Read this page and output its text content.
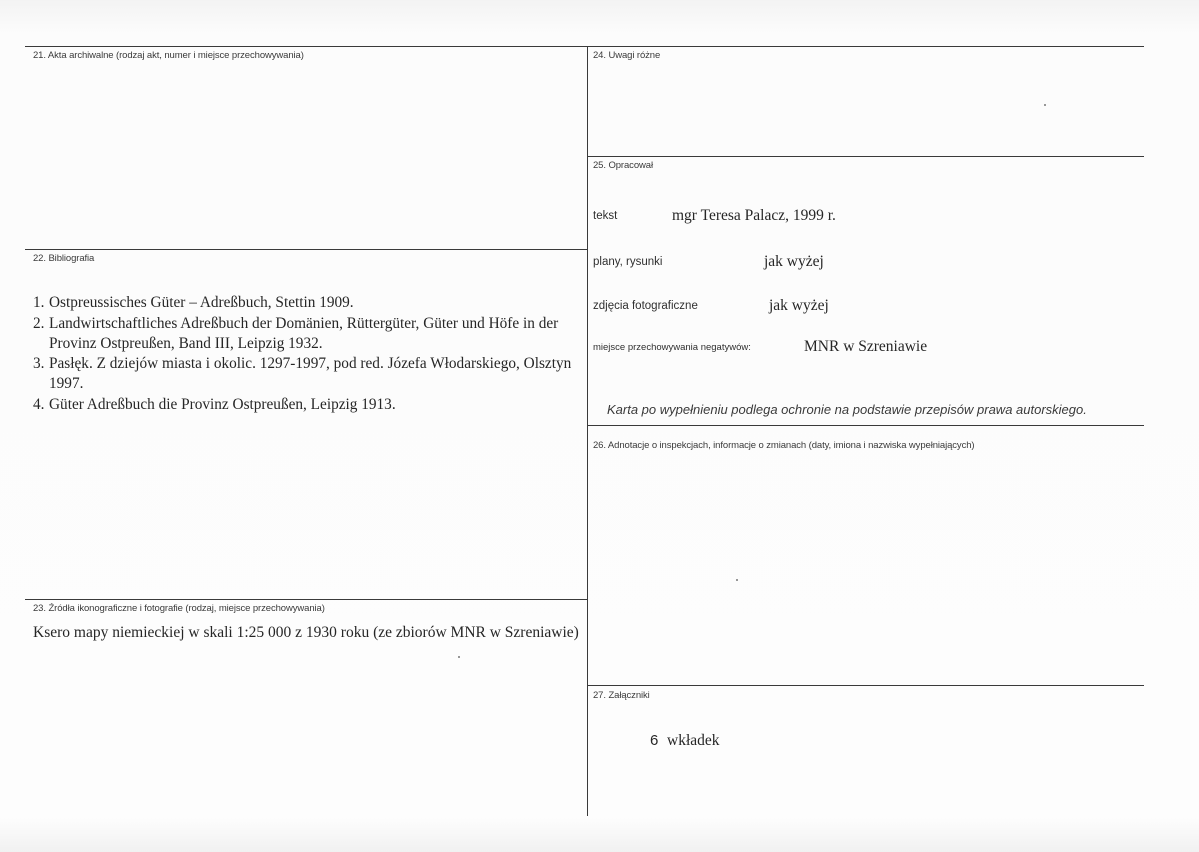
21. Akta archiwalne (rodzaj akt, numer i miejsce przechowywania)
22. Bibliografia
1. Ostpreussisches Güter – Adreßbuch, Stettin 1909.
2. Landwirtschaftliches Adreßbuch der Domänien, Rüttergüter, Güter und Höfe in der Provinz Ostpreußen, Band III, Leipzig 1932.
3. Pasłęk. Z dziejów miasta i okolic. 1297-1997, pod red. Józefa Włodarskiego, Olsztyn 1997.
4. Güter Adreßbuch die Provinz Ostpreußen, Leipzig 1913.
23. Źródła ikonograficzne i fotografie (rodzaj, miejsce przechowywania)
Ksero mapy niemieckiej w skali 1:25 000 z 1930 roku (ze zbiorów MNR w Szreniawie)
24. Uwagi różne
25. Opracował
tekst	mgr Teresa Palacz, 1999 r.
plany, rysunki	jak wyżej
zdjęcia fotograficzne	jak wyżej
miejsce przechowywania negatywów:	MNR w Szreniawie
Karta po wypełnieniu podlega ochronie na podstawie przepisów prawa autorskiego.
26. Adnotacje o inspekcjach, informacje o zmianach (daty, imiona i nazwiska wypełniających)
27. Załączniki
6 wkładek
